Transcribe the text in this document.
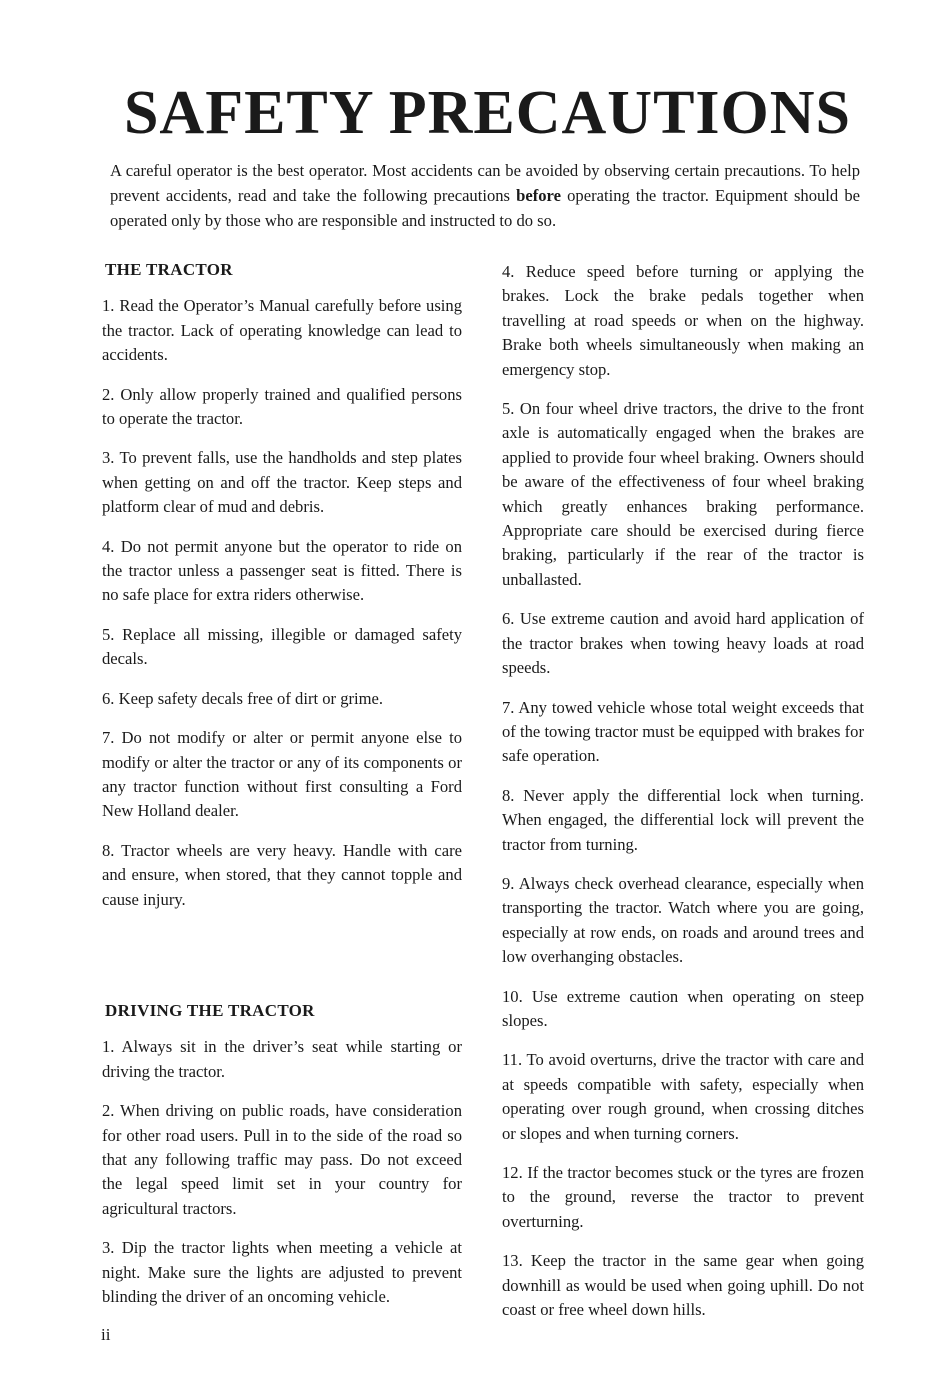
SAFETY PRECAUTIONS

A careful operator is the best operator. Most accidents can be avoided by observing certain precautions. To help prevent accidents, read and take the following precautions before operating the tractor. Equipment should be operated only by those who are responsible and instructed to do so.

THE TRACTOR

1. Read the Operator’s Manual carefully before using the tractor. Lack of operating knowledge can lead to accidents.

2. Only allow properly trained and qualified persons to operate the tractor.

3. To prevent falls, use the handholds and step plates when getting on and off the tractor. Keep steps and platform clear of mud and debris.

4. Do not permit anyone but the operator to ride on the tractor unless a passenger seat is fitted. There is no safe place for extra riders otherwise.

5. Replace all missing, illegible or damaged safety decals.

6. Keep safety decals free of dirt or grime.

7. Do not modify or alter or permit anyone else to modify or alter the tractor or any of its components or any tractor function without first consulting a Ford New Holland dealer.

8. Tractor wheels are very heavy. Handle with care and ensure, when stored, that they cannot topple and cause injury.

DRIVING THE TRACTOR

1. Always sit in the driver’s seat while starting or driving the tractor.

2. When driving on public roads, have consideration for other road users. Pull in to the side of the road so that any following traffic may pass. Do not exceed the legal speed limit set in your country for agricultural tractors.

3. Dip the tractor lights when meeting a vehicle at night. Make sure the lights are adjusted to prevent blinding the driver of an oncoming vehicle.

4. Reduce speed before turning or applying the brakes. Lock the brake pedals together when travelling at road speeds or when on the highway. Brake both wheels simultaneously when making an emergency stop.

5. On four wheel drive tractors, the drive to the front axle is automatically engaged when the brakes are applied to provide four wheel braking. Owners should be aware of the effectiveness of four wheel braking which greatly enhances braking performance. Appropriate care should be exercised during fierce braking, particularly if the rear of the tractor is unballasted.

6. Use extreme caution and avoid hard application of the tractor brakes when towing heavy loads at road speeds.

7. Any towed vehicle whose total weight exceeds that of the towing tractor must be equipped with brakes for safe operation.

8. Never apply the differential lock when turning. When engaged, the differential lock will prevent the tractor from turning.

9. Always check overhead clearance, especially when transporting the tractor. Watch where you are going, especially at row ends, on roads and around trees and low overhanging obstacles.

10. Use extreme caution when operating on steep slopes.

11. To avoid overturns, drive the tractor with care and at speeds compatible with safety, especially when operating over rough ground, when crossing ditches or slopes and when turning corners.

12. If the tractor becomes stuck or the tyres are frozen to the ground, reverse the tractor to prevent overturning.

13. Keep the tractor in the same gear when going downhill as would be used when going uphill. Do not coast or free wheel down hills.

ii
